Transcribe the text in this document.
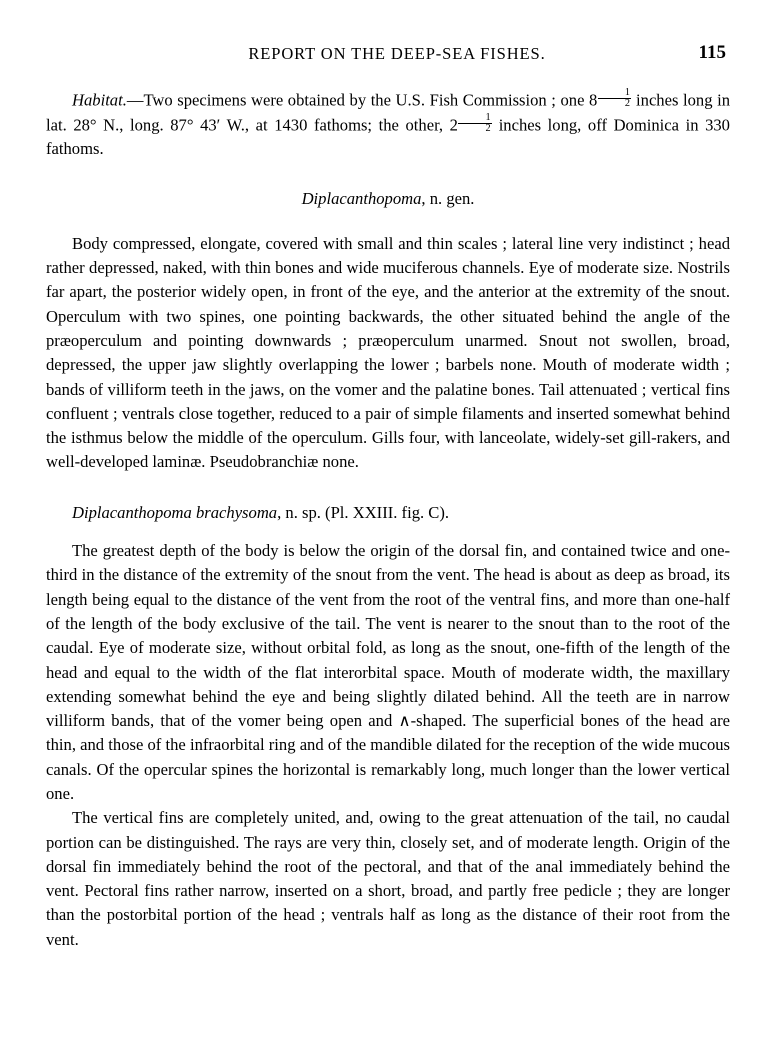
REPORT ON THE DEEP-SEA FISHES.	115

Habitat.—Two specimens were obtained by the U.S. Fish Commission ; one $8 \frac{1}{2}$ inches long in lat. 28° N., long. 87° 43′ W., at 1430 fathoms; the other, $2 \frac{1}{2}$ inches long, off Dominica in 330 fathoms.

Diplacanthopoma, n. gen.

Body compressed, elongate, covered with small and thin scales ; lateral line very indistinct ; head rather depressed, naked, with thin bones and wide muciferous channels. Eye of moderate size. Nostrils far apart, the posterior widely open, in front of the eye, and the anterior at the extremity of the snout. Operculum with two spines, one pointing backwards, the other situated behind the angle of the præoperculum and pointing downwards ; præoperculum unarmed. Snout not swollen, broad, depressed, the upper jaw slightly overlapping the lower ; barbels none. Mouth of moderate width ; bands of villiform teeth in the jaws, on the vomer and the palatine bones. Tail attenuated ; vertical fins confluent ; ventrals close together, reduced to a pair of simple filaments and inserted somewhat behind the isthmus below the middle of the operculum. Gills four, with lanceolate, widely-set gill-rakers, and well-developed laminæ. Pseudobranchiæ none.

Diplacanthopoma brachysoma, n. sp. (Pl. XXIII. fig. C).

The greatest depth of the body is below the origin of the dorsal fin, and contained twice and one-third in the distance of the extremity of the snout from the vent. The head is about as deep as broad, its length being equal to the distance of the vent from the root of the ventral fins, and more than one-half of the length of the body exclusive of the tail. The vent is nearer to the snout than to the root of the caudal. Eye of moderate size, without orbital fold, as long as the snout, one-fifth of the length of the head and equal to the width of the flat interorbital space. Mouth of moderate width, the maxillary extending somewhat behind the eye and being slightly dilated behind. All the teeth are in narrow villiform bands, that of the vomer being open and ∧-shaped. The superficial bones of the head are thin, and those of the infraorbital ring and of the mandible dilated for the reception of the wide mucous canals. Of the opercular spines the horizontal is remarkably long, much longer than the lower vertical one.

The vertical fins are completely united, and, owing to the great attenuation of the tail, no caudal portion can be distinguished. The rays are very thin, closely set, and of moderate length. Origin of the dorsal fin immediately behind the root of the pectoral, and that of the anal immediately behind the vent. Pectoral fins rather narrow, inserted on a short, broad, and partly free pedicle ; they are longer than the postorbital portion of the head ; ventrals half as long as the distance of their root from the vent.
